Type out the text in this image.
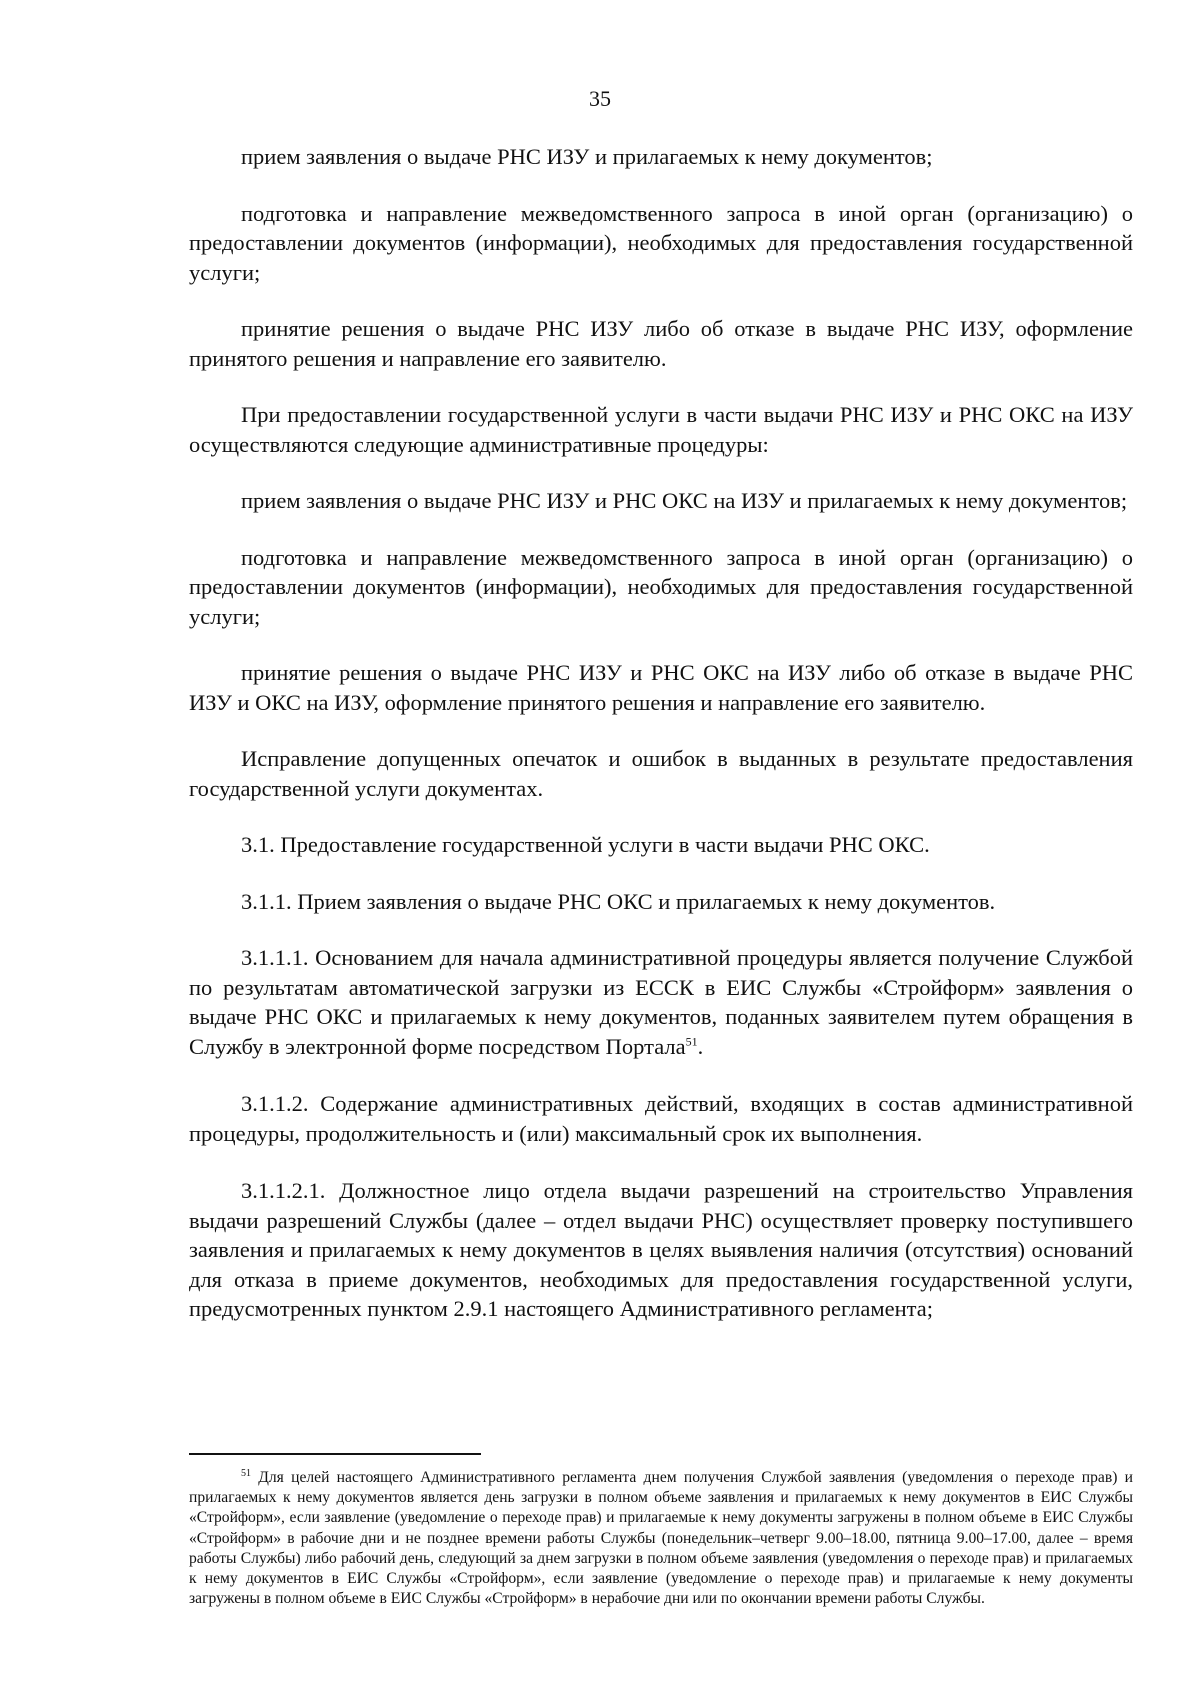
35

прием заявления о выдаче РНС ИЗУ и прилагаемых к нему документов;

подготовка и направление межведомственного запроса в иной орган (организацию) о предоставлении документов (информации), необходимых для предоставления государственной услуги;

принятие решения о выдаче РНС ИЗУ либо об отказе в выдаче РНС ИЗУ, оформление принятого решения и направление его заявителю.

При предоставлении государственной услуги в части выдачи РНС ИЗУ и РНС ОКС на ИЗУ осуществляются следующие административные процедуры:

прием заявления о выдаче РНС ИЗУ и РНС ОКС на ИЗУ и прилагаемых к нему документов;

подготовка и направление межведомственного запроса в иной орган (организацию) о предоставлении документов (информации), необходимых для предоставления государственной услуги;

принятие решения о выдаче РНС ИЗУ и РНС ОКС на ИЗУ либо об отказе в выдаче РНС ИЗУ и ОКС на ИЗУ, оформление принятого решения и направление его заявителю.

Исправление допущенных опечаток и ошибок в выданных в результате предоставления государственной услуги документах.

3.1. Предоставление государственной услуги в части выдачи РНС ОКС.

3.1.1. Прием заявления о выдаче РНС ОКС и прилагаемых к нему документов.

3.1.1.1. Основанием для начала административной процедуры является получение Службой по результатам автоматической загрузки из ЕССК в ЕИС Службы «Стройформ» заявления о выдаче РНС ОКС и прилагаемых к нему документов, поданных заявителем путем обращения в Службу в электронной форме посредством Портала$^{51}$.

3.1.1.2. Содержание административных действий, входящих в состав административной процедуры, продолжительность и (или) максимальный срок их выполнения.

3.1.1.2.1. Должностное лицо отдела выдачи разрешений на строительство Управления выдачи разрешений Службы (далее – отдел выдачи РНС) осуществляет проверку поступившего заявления и прилагаемых к нему документов в целях выявления наличия (отсутствия) оснований для отказа в приеме документов, необходимых для предоставления государственной услуги, предусмотренных пунктом 2.9.1 настоящего Административного регламента;

$^{51}$ Для целей настоящего Административного регламента днем получения Службой заявления (уведомления о переходе прав) и прилагаемых к нему документов является день загрузки в полном объеме заявления и прилагаемых к нему документов в ЕИС Службы «Стройформ», если заявление (уведомление о переходе прав) и прилагаемые к нему документы загружены в полном объеме в ЕИС Службы «Стройформ» в рабочие дни и не позднее времени работы Службы (понедельник–четверг 9.00–18.00, пятница 9.00–17.00, далее – время работы Службы) либо рабочий день, следующий за днем загрузки в полном объеме заявления (уведомления о переходе прав) и прилагаемых к нему документов в ЕИС Службы «Стройформ», если заявление (уведомление о переходе прав) и прилагаемые к нему документы загружены в полном объеме в ЕИС Службы «Стройформ» в нерабочие дни или по окончании времени работы Службы.
